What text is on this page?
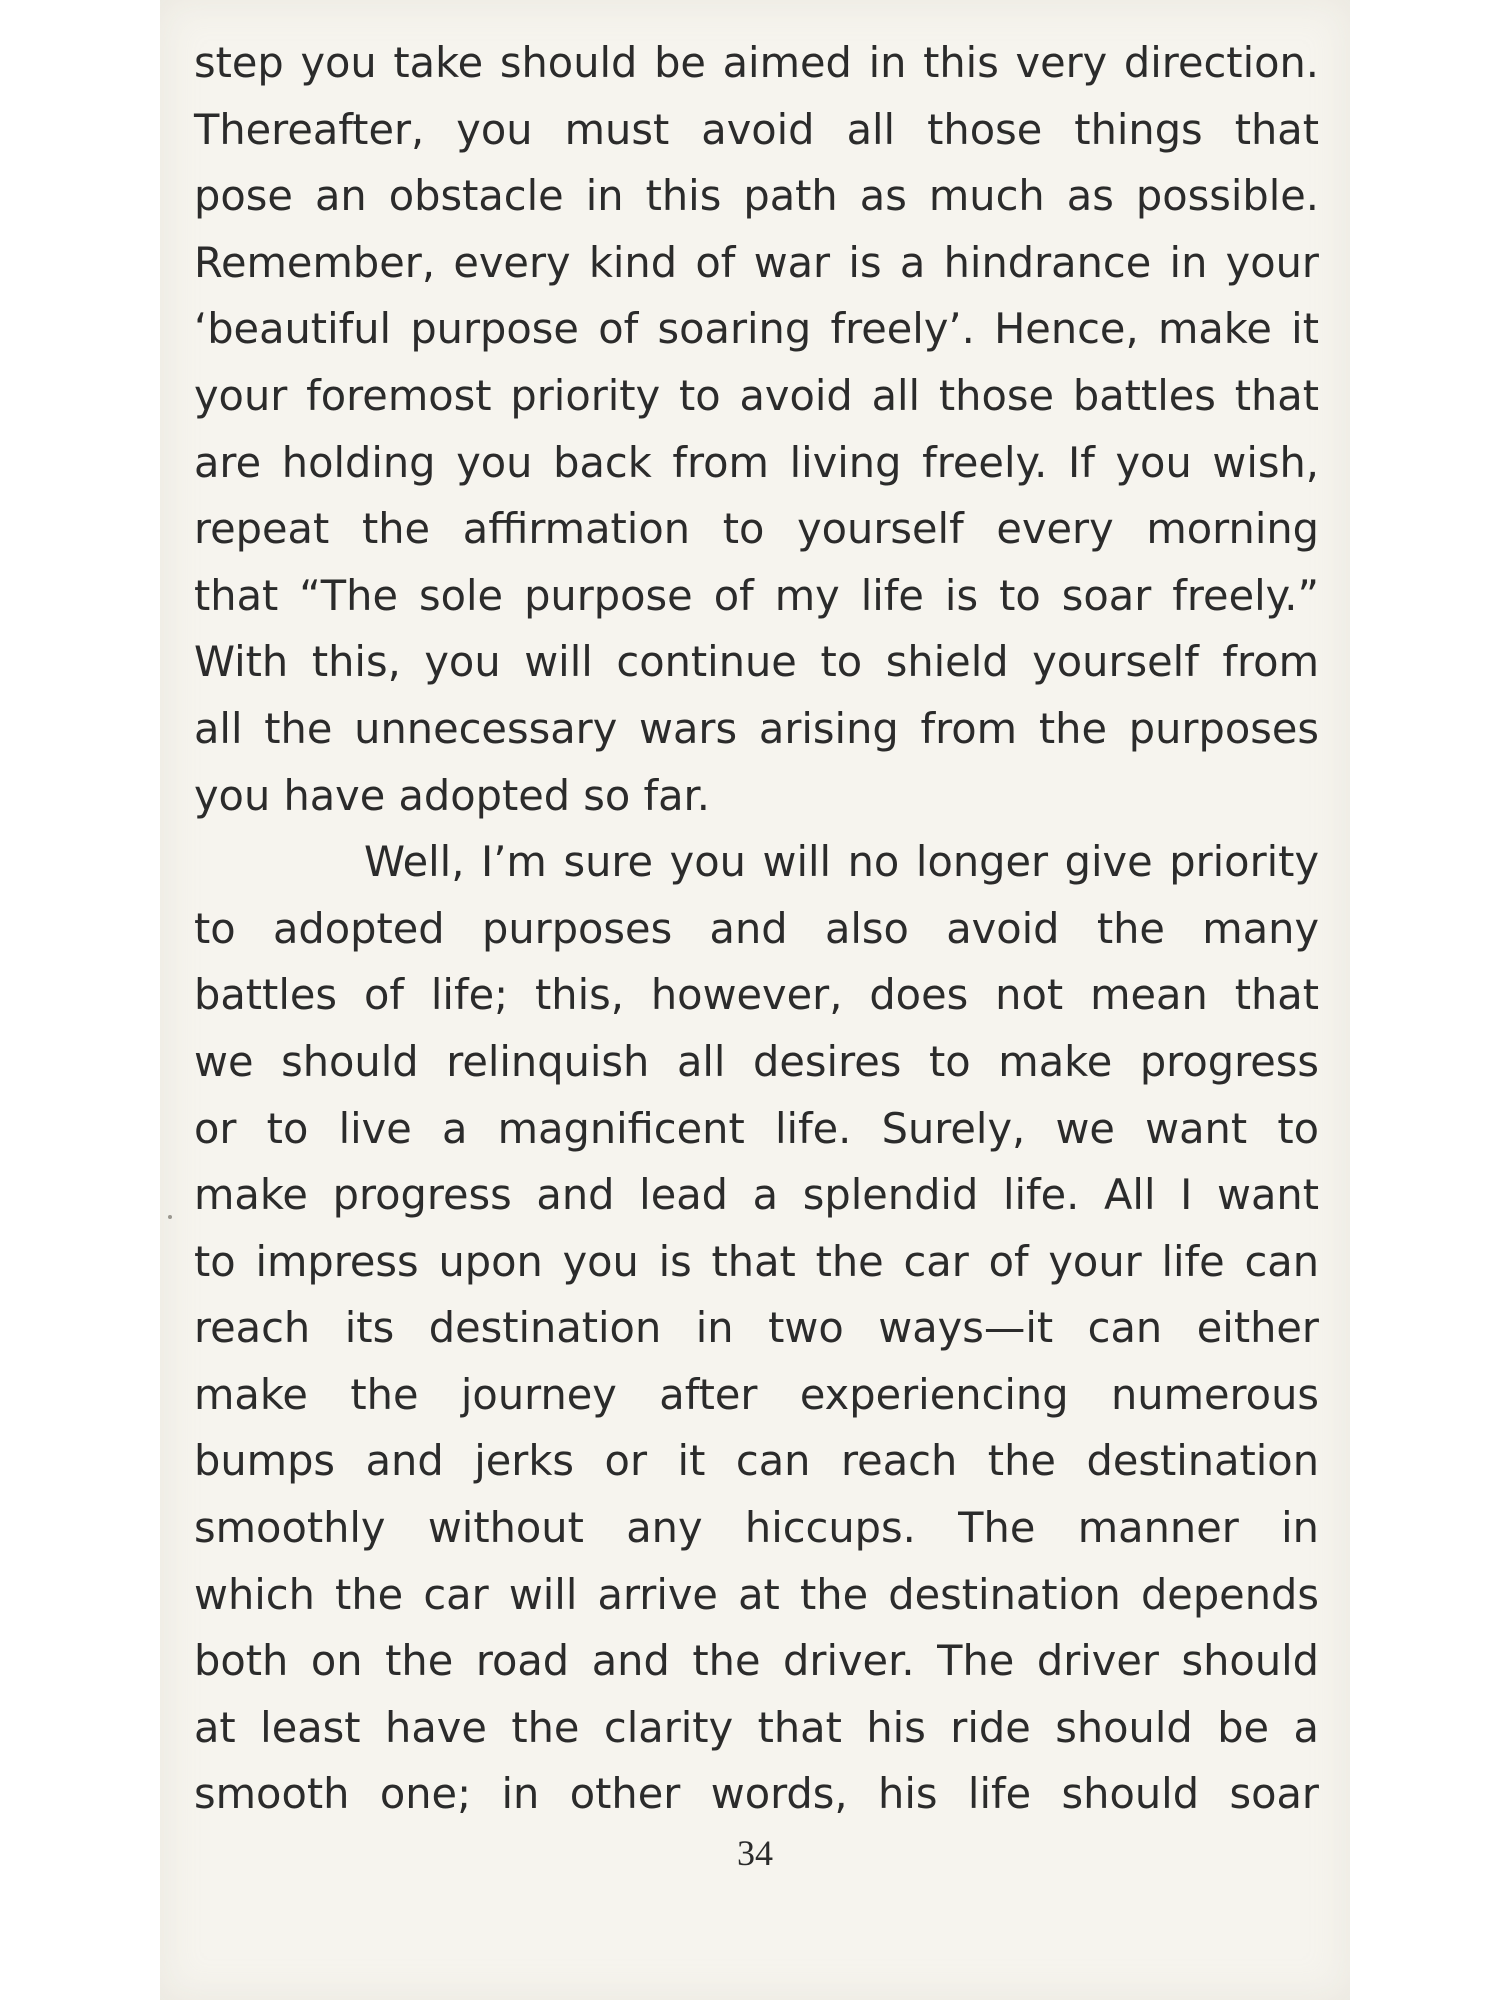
step you take should be aimed in this very direction.
Thereafter, you must avoid all those things that
pose an obstacle in this path as much as possible.
Remember, every kind of war is a hindrance in your
‘beautiful purpose of soaring freely’. Hence, make it
your foremost priority to avoid all those battles that
are holding you back from living freely. If you wish,
repeat the affirmation to yourself every morning
that “The sole purpose of my life is to soar freely.”
With this, you will continue to shield yourself from
all the unnecessary wars arising from the purposes
you have adopted so far.
Well, I’m sure you will no longer give priority
to adopted purposes and also avoid the many
battles of life; this, however, does not mean that
we should relinquish all desires to make progress
or to live a magnificent life. Surely, we want to
make progress and lead a splendid life. All I want
to impress upon you is that the car of your life can
reach its destination in two ways—it can either
make the journey after experiencing numerous
bumps and jerks or it can reach the destination
smoothly without any hiccups. The manner in
which the car will arrive at the destination depends
both on the road and the driver. The driver should
at least have the clarity that his ride should be a
smooth one; in other words, his life should soar
34
